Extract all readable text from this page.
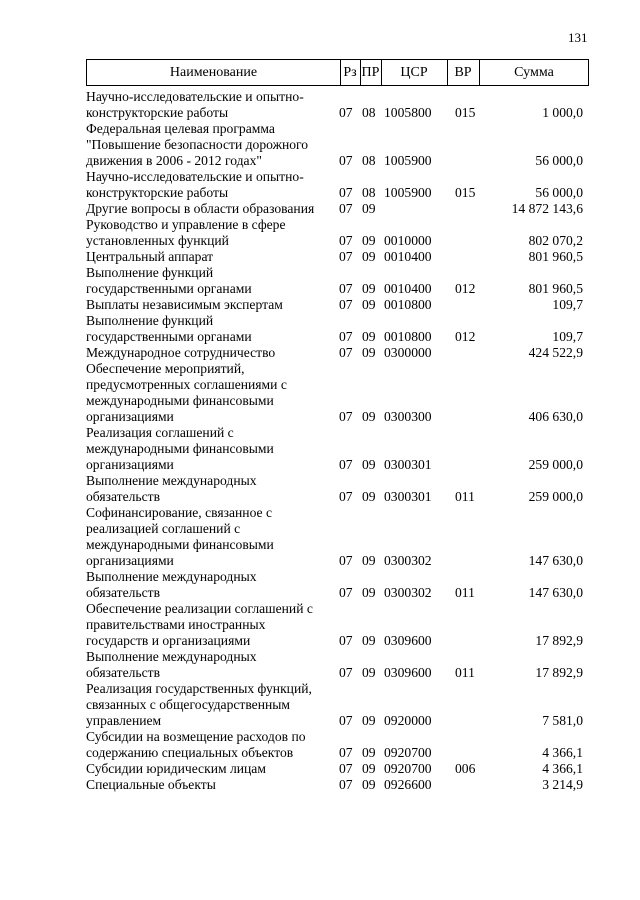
131
Наименование	Рз ПР	ЦСР	ВР	Сумма
Научно-исследовательские и опытно-
конструкторские работы	07 08 1005800 015	1 000,0
Федеральная целевая программа
"Повышение безопасности дорожного
движения в 2006 - 2012 годах"	07 08 1005900	56 000,0
Научно-исследовательские и опытно-
конструкторские работы	07 08 1005900 015	56 000,0
Другие вопросы в области образования	07 09	14 872 143,6
Руководство и управление в сфере
установленных функций	07 09 0010000	802 070,2
Центральный аппарат	07 09 0010400	801 960,5
Выполнение функций
государственными органами	07 09 0010400 012	801 960,5
Выплаты независимым экспертам	07 09 0010800	109,7
Выполнение функций
государственными органами	07 09 0010800 012	109,7
Международное сотрудничество	07 09 0300000	424 522,9
Обеспечение мероприятий,
предусмотренных соглашениями с
международными финансовыми
организациями	07 09 0300300	406 630,0
Реализация соглашений с
международными финансовыми
организациями	07 09 0300301	259 000,0
Выполнение международных
обязательств	07 09 0300301 011	259 000,0
Софинансирование, связанное с
реализацией соглашений с
международными финансовыми
организациями	07 09 0300302	147 630,0
Выполнение международных
обязательств	07 09 0300302 011	147 630,0
Обеспечение реализации соглашений с
правительствами иностранных
государств и организациями	07 09 0309600	17 892,9
Выполнение международных
обязательств	07 09 0309600 011	17 892,9
Реализация государственных функций,
связанных с общегосударственным
управлением	07 09 0920000	7 581,0
Субсидии на возмещение расходов по
содержанию специальных объектов	07 09 0920700	4 366,1
Субсидии юридическим лицам	07 09 0920700 006	4 366,1
Специальные объекты	07 09 0926600	3 214,9
